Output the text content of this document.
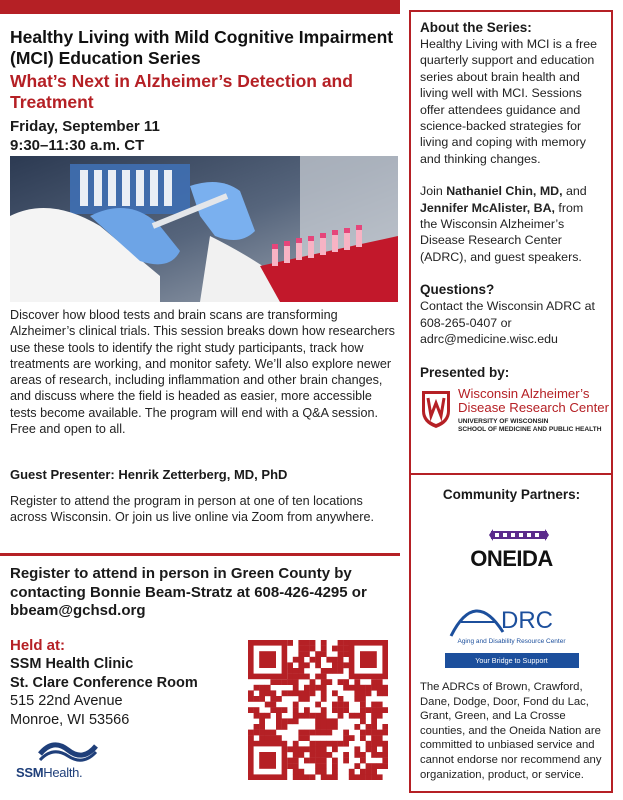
Healthy Living with Mild Cognitive Impairment (MCI) Education Series
What’s Next in Alzheimer’s Detection and Treatment
Friday, September 11
9:30–11:30 a.m. CT

Discover how blood tests and brain scans are transforming Alzheimer’s clinical trials. This session breaks down how researchers use these tools to identify the right study participants, track how treatments are working, and monitor safety. We’ll also explore newer areas of research, including inflammation and other brain changes, and discuss where the field is headed as easier, more accessible tests become available. The program will end with a Q&A session. Free and open to all.

Guest Presenter: Henrik Zetterberg, MD, PhD

Register to attend the program in person at one of ten locations across Wisconsin. Or join us live online via Zoom from anywhere.

Register to attend in person in Green County by contacting Bonnie Beam-Stratz at 608-426-4295 or bbeam@gchsd.org

Held at:
SSM Health Clinic
St. Clare Conference Room
515 22nd Avenue
Monroe, WI 53566
SSMHealth.
About the Series:

Healthy Living with MCI is a free quarterly support and education series about brain health and living well with MCI. Sessions offer attendees guidance and science-backed strategies for living and coping with memory and thinking changes.

Join Nathaniel Chin, MD, and Jennifer McAlister, BA, from the Wisconsin Alzheimer’s Disease Research Center (ADRC), and guest speakers.

Questions?

Contact the Wisconsin ADRC at 608-265-0407 or

adrc@medicine.wisc.edu

Presented by:
Wisconsin Alzheimer’s Disease Research Center
UNIVERSITY OF WISCONSIN
SCHOOL OF MEDICINE AND PUBLIC HEALTH
Community Partners:
ONEIDA
DRC
Aging and Disability Resource Center
Your Bridge to Support

The ADRCs of Brown, Crawford, Dane, Dodge, Door, Fond du Lac, Grant, Green, and La Crosse counties, and the Oneida Nation are committed to unbiased service and cannot endorse nor recommend any organization, product, or service.
